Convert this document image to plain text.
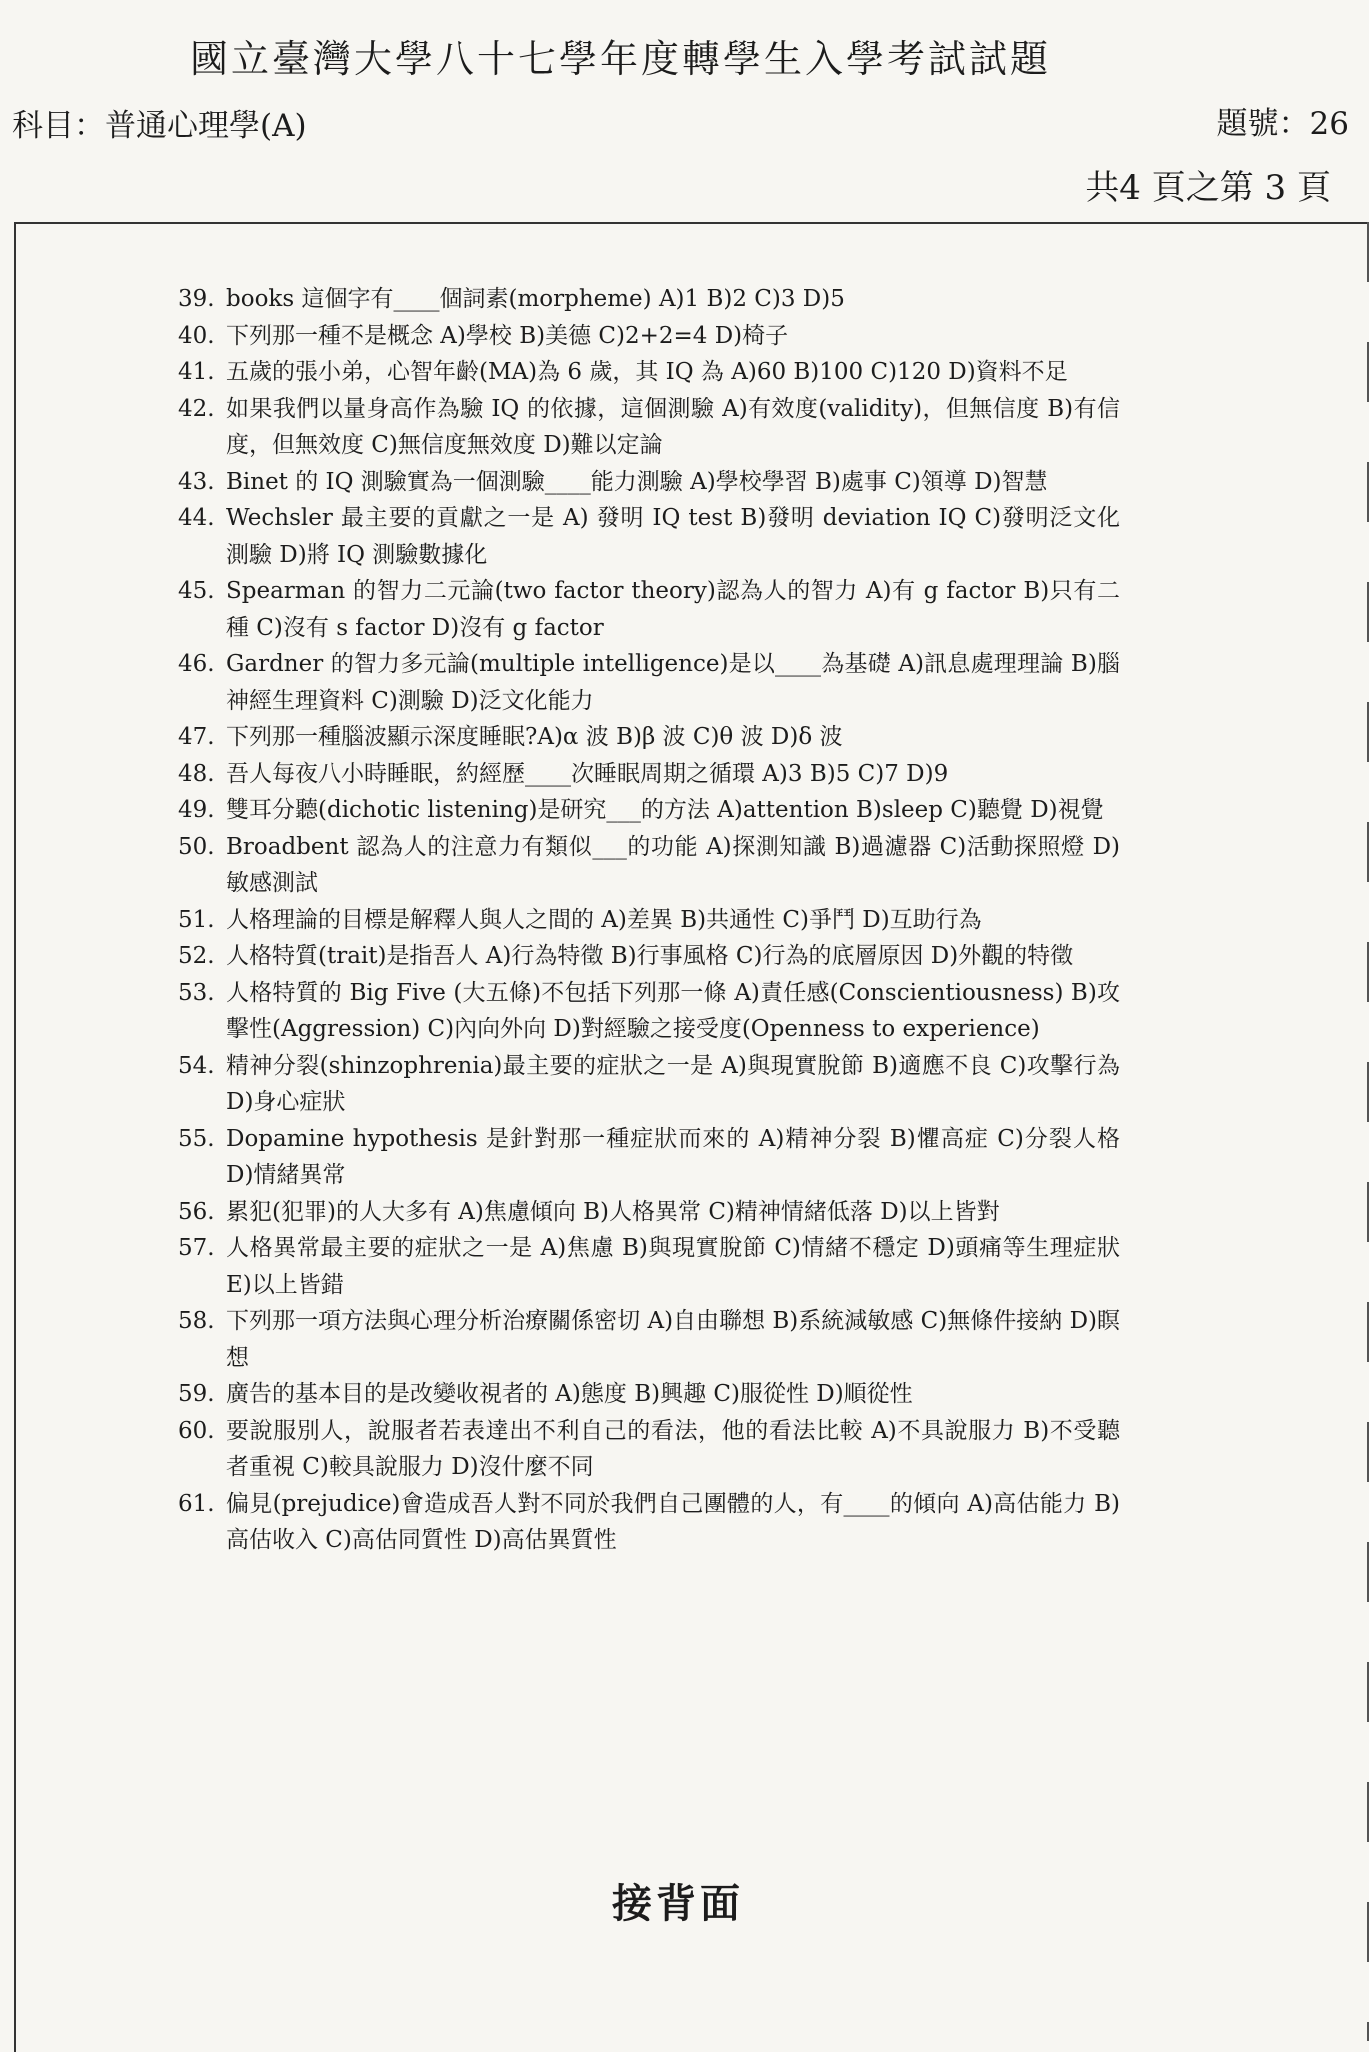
國立臺灣大學八十七學年度轉學生入學考試試題
科目：普通心理學(A)	題號：26
共4 頁之第 3 頁
39. books 這個字有____個詞素(morpheme) A)1 B)2 C)3 D)5
40. 下列那一種不是概念 A)學校 B)美德 C)2+2=4 D)椅子
41. 五歲的張小弟，心智年齡(MA)為 6 歲，其 IQ 為 A)60 B)100 C)120 D)資料不足
42. 如果我們以量身高作為驗 IQ 的依據，這個測驗 A)有效度(validity)，但無信度 B)有信度，但無效度 C)無信度無效度 D)難以定論
43. Binet 的 IQ 測驗實為一個測驗____能力測驗 A)學校學習 B)處事 C)領導 D)智慧
44. Wechsler 最主要的貢獻之一是 A) 發明 IQ test B)發明 deviation IQ C)發明泛文化測驗 D)將 IQ 測驗數據化
45. Spearman 的智力二元論(two factor theory)認為人的智力 A)有 g factor B)只有二種 C)沒有 s factor D)沒有 g factor
46. Gardner 的智力多元論(multiple intelligence)是以____為基礎 A)訊息處理理論 B)腦神經生理資料 C)測驗 D)泛文化能力
47. 下列那一種腦波顯示深度睡眠?A)α 波 B)β 波 C)θ 波 D)δ 波
48. 吾人每夜八小時睡眠，約經歷____次睡眠周期之循環 A)3 B)5 C)7 D)9
49. 雙耳分聽(dichotic listening)是研究___的方法 A)attention B)sleep C)聽覺 D)視覺
50. Broadbent 認為人的注意力有類似___的功能 A)探測知識 B)過濾器 C)活動探照燈 D)敏感測試
51. 人格理論的目標是解釋人與人之間的 A)差異 B)共通性 C)爭鬥 D)互助行為
52. 人格特質(trait)是指吾人 A)行為特徵 B)行事風格 C)行為的底層原因 D)外觀的特徵
53. 人格特質的 Big Five (大五條)不包括下列那一條 A)責任感(Conscientiousness) B)攻擊性(Aggression) C)內向外向 D)對經驗之接受度(Openness to experience)
54. 精神分裂(shinzophrenia)最主要的症狀之一是 A)與現實脫節 B)適應不良 C)攻擊行為 D)身心症狀
55. Dopamine hypothesis 是針對那一種症狀而來的 A)精神分裂 B)懼高症 C)分裂人格 D)情緒異常
56. 累犯(犯罪)的人大多有 A)焦慮傾向 B)人格異常 C)精神情緒低落 D)以上皆對
57. 人格異常最主要的症狀之一是 A)焦慮 B)與現實脫節 C)情緒不穩定 D)頭痛等生理症狀 E)以上皆錯
58. 下列那一項方法與心理分析治療關係密切 A)自由聯想 B)系統減敏感 C)無條件接納 D)瞑想
59. 廣告的基本目的是改變收視者的 A)態度 B)興趣 C)服從性 D)順從性
60. 要說服別人，說服者若表達出不利自己的看法，他的看法比較 A)不具說服力 B)不受聽者重視 C)較具說服力 D)沒什麼不同
61. 偏見(prejudice)會造成吾人對不同於我們自己團體的人，有____的傾向 A)高估能力 B)高估收入 C)高估同質性 D)高估異質性
接背面
